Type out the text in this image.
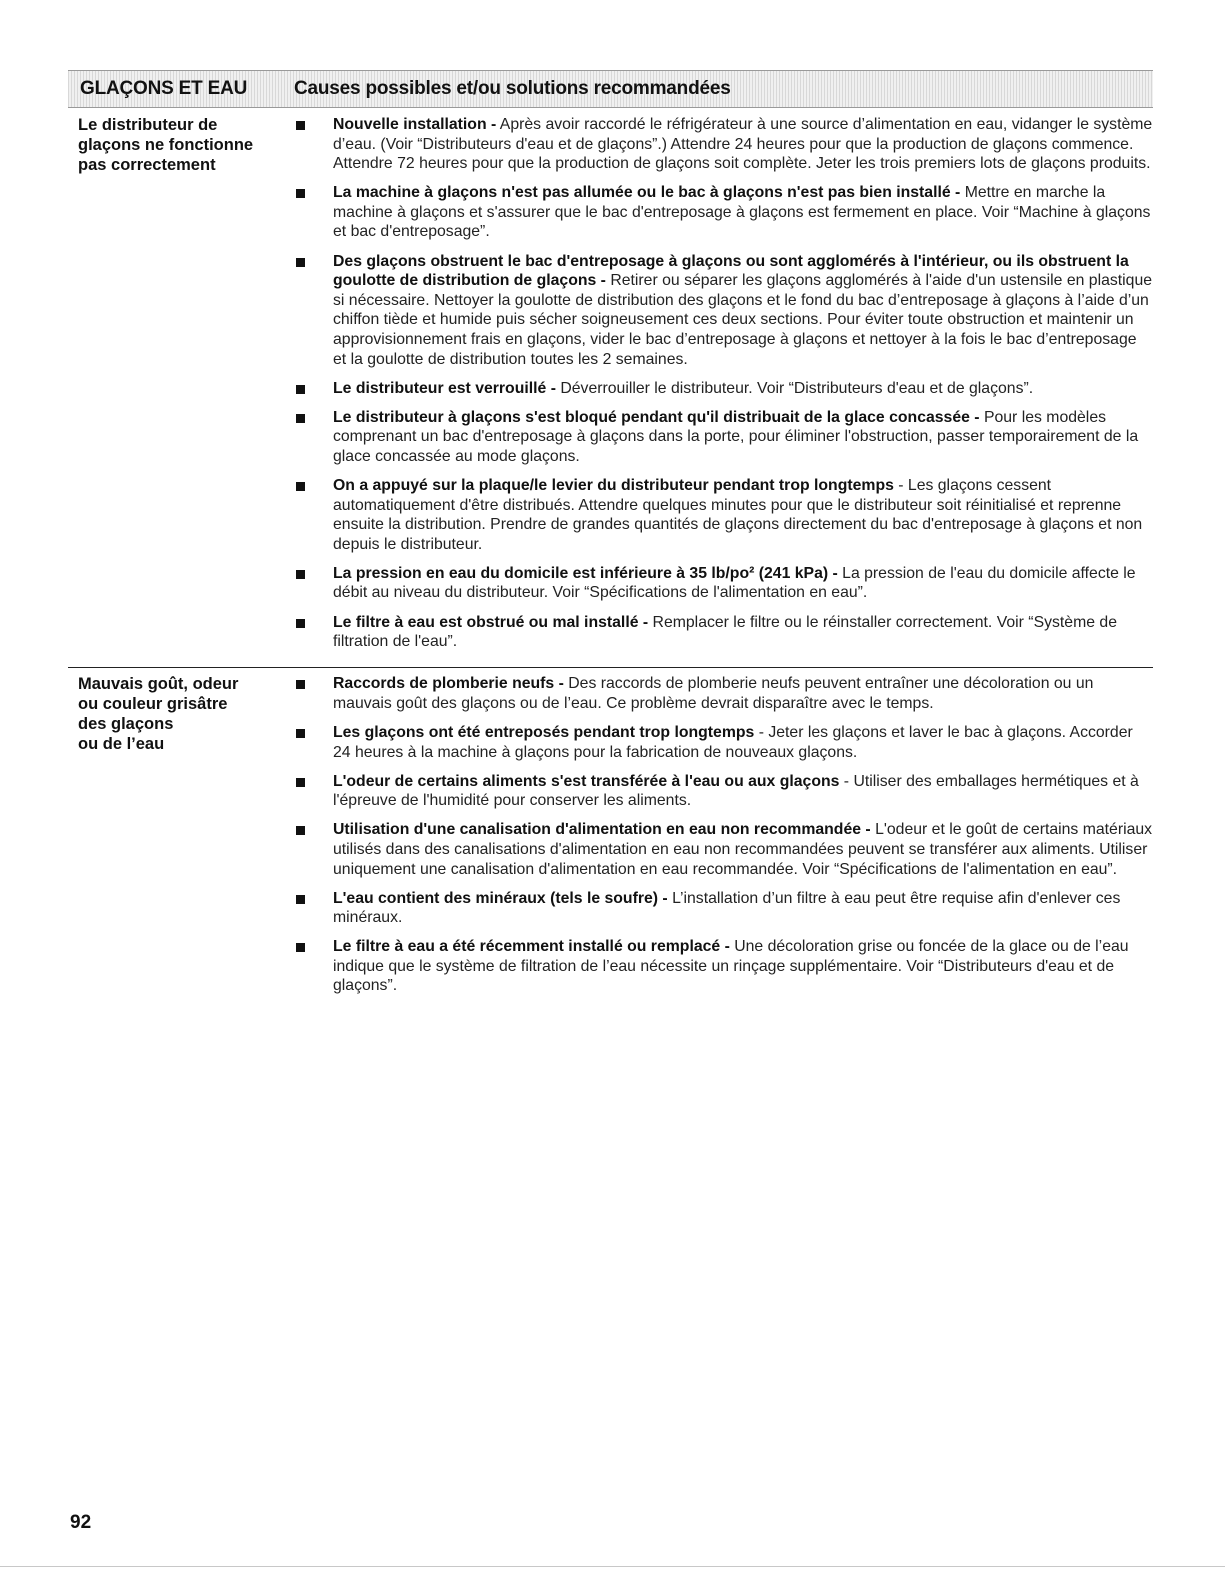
GLAÇONS ET EAU Causes possibles et/ou solutions recommandées
Le distributeur de
glaçons ne fonctionne
pas correctement
Nouvelle installation - Après avoir raccordé le réfrigérateur à une source d’alimentation en eau, vidanger le système d’eau. (Voir “Distributeurs d'eau et de glaçons”.) Attendre 24 heures pour que la production de glaçons commence. Attendre 72 heures pour que la production de glaçons soit complète. Jeter les trois premiers lots de glaçons produits.
La machine à glaçons n'est pas allumée ou le bac à glaçons n'est pas bien installé - Mettre en marche la machine à glaçons et s'assurer que le bac d'entreposage à glaçons est fermement en place. Voir “Machine à glaçons et bac d'entreposage”.
Des glaçons obstruent le bac d'entreposage à glaçons ou sont agglomérés à l'intérieur, ou ils obstruent la goulotte de distribution de glaçons - Retirer ou séparer les glaçons agglomérés à l'aide d'un ustensile en plastique si nécessaire. Nettoyer la goulotte de distribution des glaçons et le fond du bac d’entreposage à glaçons à l’aide d’un chiffon tiède et humide puis sécher soigneusement ces deux sections. Pour éviter toute obstruction et maintenir un approvisionnement frais en glaçons, vider le bac d’entreposage à glaçons et nettoyer à la fois le bac d’entreposage et la goulotte de distribution toutes les 2 semaines.
Le distributeur est verrouillé - Déverrouiller le distributeur. Voir “Distributeurs d'eau et de glaçons”.
Le distributeur à glaçons s'est bloqué pendant qu'il distribuait de la glace concassée - Pour les modèles comprenant un bac d'entreposage à glaçons dans la porte, pour éliminer l'obstruction, passer temporairement de la glace concassée au mode glaçons.
On a appuyé sur la plaque/le levier du distributeur pendant trop longtemps - Les glaçons cessent automatiquement d'être distribués. Attendre quelques minutes pour que le distributeur soit réinitialisé et reprenne ensuite la distribution. Prendre de grandes quantités de glaçons directement du bac d'entreposage à glaçons et non depuis le distributeur.
La pression en eau du domicile est inférieure à 35 lb/po² (241 kPa) - La pression de l'eau du domicile affecte le débit au niveau du distributeur. Voir “Spécifications de l'alimentation en eau”.
Le filtre à eau est obstrué ou mal installé - Remplacer le filtre ou le réinstaller correctement. Voir “Système de filtration de l'eau”.
Mauvais goût, odeur
ou couleur grisâtre
des glaçons
ou de l’eau
Raccords de plomberie neufs - Des raccords de plomberie neufs peuvent entraîner une décoloration ou un mauvais goût des glaçons ou de l’eau. Ce problème devrait disparaître avec le temps.
Les glaçons ont été entreposés pendant trop longtemps - Jeter les glaçons et laver le bac à glaçons. Accorder 24 heures à la machine à glaçons pour la fabrication de nouveaux glaçons.
L'odeur de certains aliments s'est transférée à l'eau ou aux glaçons - Utiliser des emballages hermétiques et à l'épreuve de l'humidité pour conserver les aliments.
Utilisation d'une canalisation d'alimentation en eau non recommandée - L'odeur et le goût de certains matériaux utilisés dans des canalisations d'alimentation en eau non recommandées peuvent se transférer aux aliments. Utiliser uniquement une canalisation d'alimentation en eau recommandée. Voir “Spécifications de l'alimentation en eau”.
L'eau contient des minéraux (tels le soufre) - L’installation d’un filtre à eau peut être requise afin d'enlever ces minéraux.
Le filtre à eau a été récemment installé ou remplacé - Une décoloration grise ou foncée de la glace ou de l’eau indique que le système de filtration de l’eau nécessite un rinçage supplémentaire. Voir “Distributeurs d'eau et de glaçons”.
92
